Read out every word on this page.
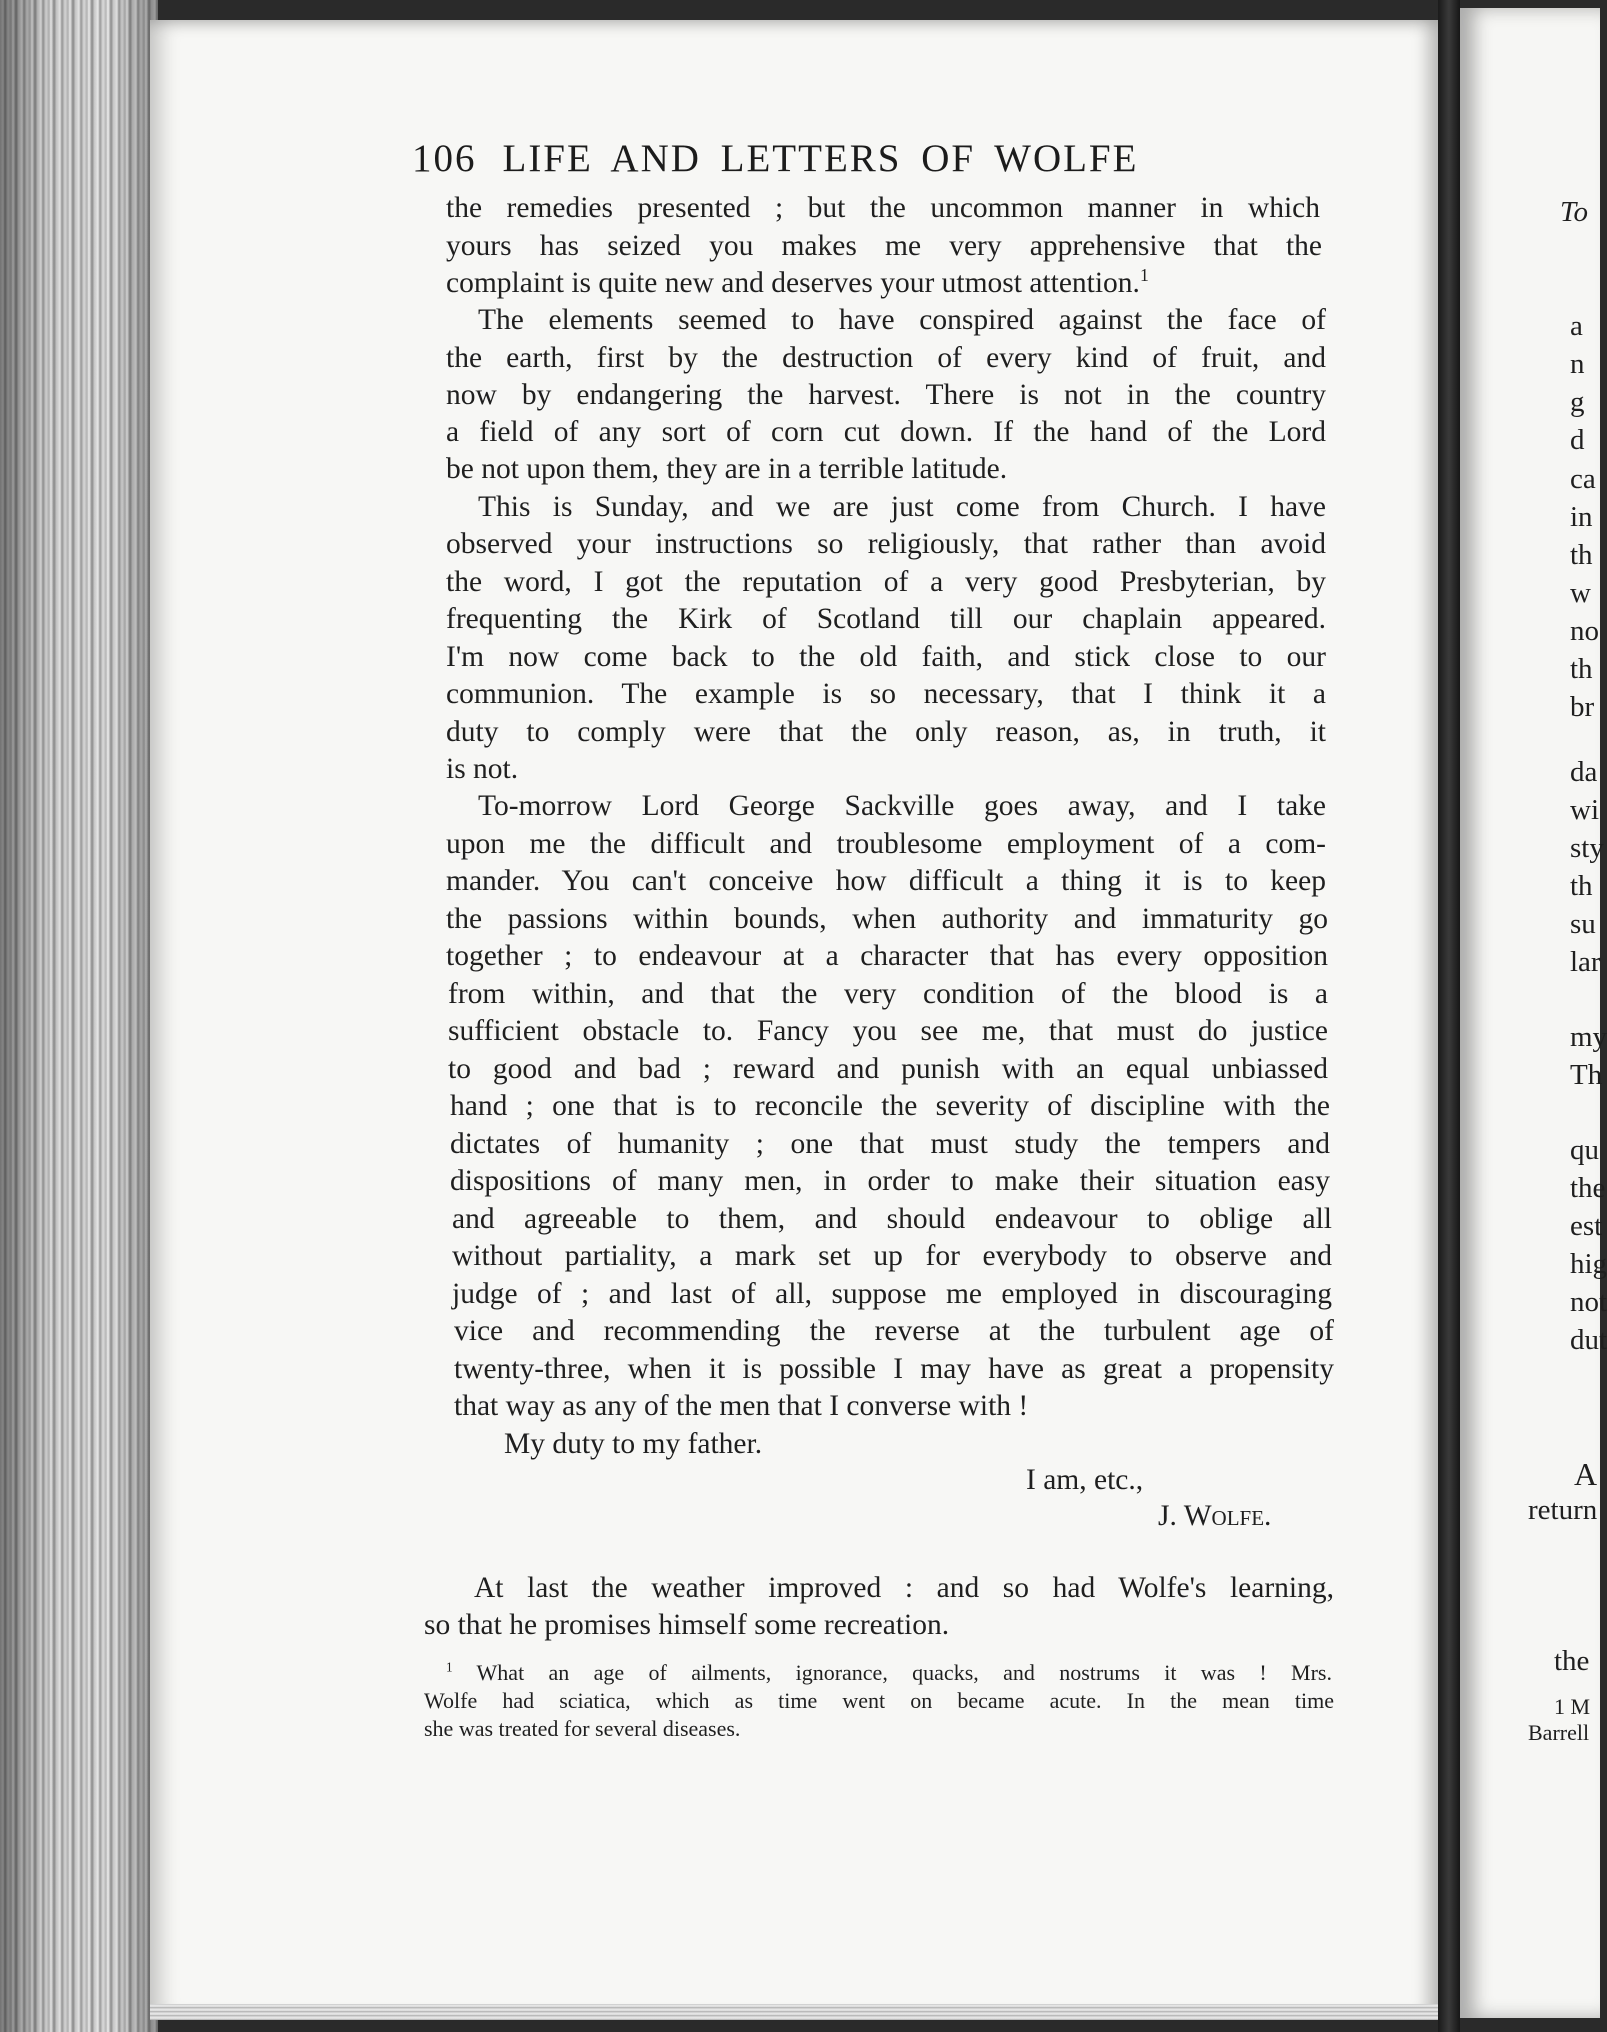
To
a
n
g
d
ca
in
th
w
no
th
br
da
wi
sty
th
su
lar
my
Th
qu
the
est
hig
not
dut
A
return
the
1 M
Barrell
106 LIFE AND LETTERS OF WOLFE
the remedies presented ; but the uncommon manner in which
yours has seized you makes me very apprehensive that the
complaint is quite new and deserves your utmost attention.$^1$
The elements seemed to have conspired against the face of
the earth, first by the destruction of every kind of fruit, and
now by endangering the harvest. There is not in the country
a field of any sort of corn cut down. If the hand of the Lord
be not upon them, they are in a terrible latitude.
This is Sunday, and we are just come from Church. I have
observed your instructions so religiously, that rather than avoid
the word, I got the reputation of a very good Presbyterian, by
frequenting the Kirk of Scotland till our chaplain appeared.
I'm now come back to the old faith, and stick close to our
communion. The example is so necessary, that I think it a
duty to comply were that the only reason, as, in truth, it
is not.
To-morrow Lord George Sackville goes away, and I take
upon me the difficult and troublesome employment of a com-
mander. You can't conceive how difficult a thing it is to keep
the passions within bounds, when authority and immaturity go
together ; to endeavour at a character that has every opposition
from within, and that the very condition of the blood is a
sufficient obstacle to. Fancy you see me, that must do justice
to good and bad ; reward and punish with an equal unbiassed
hand ; one that is to reconcile the severity of discipline with the
dictates of humanity ; one that must study the tempers and
dispositions of many men, in order to make their situation easy
and agreeable to them, and should endeavour to oblige all
without partiality, a mark set up for everybody to observe and
judge of ; and last of all, suppose me employed in discouraging
vice and recommending the reverse at the turbulent age of
twenty-three, when it is possible I may have as great a propensity
that way as any of the men that I converse with !
My duty to my father.
I am, etc.,
J. Wolfe.
At last the weather improved : and so had Wolfe's learning,
so that he promises himself some recreation.
$^1$ What an age of ailments, ignorance, quacks, and nostrums it was ! Mrs.
Wolfe had sciatica, which as time went on became acute. In the mean time
she was treated for several diseases.
